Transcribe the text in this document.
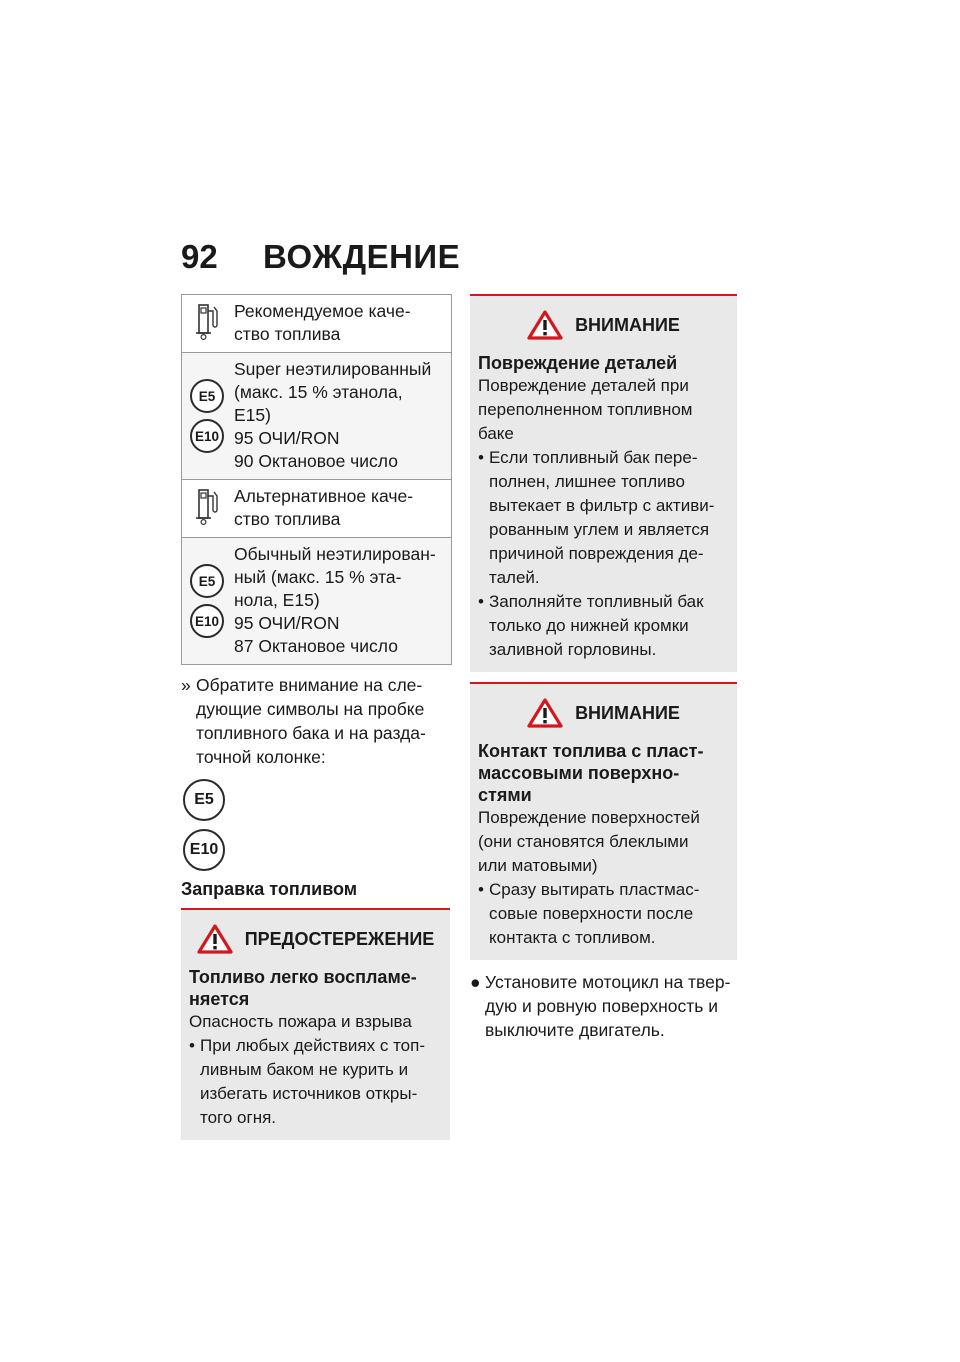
92	ВОЖДЕНИЕ
Рекомендуемое каче-
ство топлива
E5
E10
Super неэтилированный
(макс. 15 % этанола,
E15)
95 ОЧИ/RON
90 Октановое число
Альтернативное каче-
ство топлива
E5
E10
Обычный неэтилирован-
ный (макс. 15 % эта-
нола, E15)
95 ОЧИ/RON
87 Октановое число
» Обратите внимание на сле-
дующие символы на пробке
топливного бака и на разда-
точной колонке:
E5
E10
Заправка топливом
ПРЕДОСТЕРЕЖЕНИЕ
Топливо легко воспламе-
няется
Опасность пожара и взрыва
• При любых действиях с топ-
ливным баком не курить и
избегать источников откры-
того огня.
ВНИМАНИЕ
Повреждение деталей
Повреждение деталей при
переполненном топливном
баке
• Если топливный бак пере-
полнен, лишнее топливо
вытекает в фильтр с активи-
рованным углем и является
причиной повреждения де-
талей.
• Заполняйте топливный бак
только до нижней кромки
заливной горловины.
ВНИМАНИЕ
Контакт топлива с пласт-
массовыми поверхно-
стями
Повреждение поверхностей
(они становятся блеклыми
или матовыми)
• Сразу вытирать пластмас-
совые поверхности после
контакта с топливом.
● Установите мотоцикл на твер-
дую и ровную поверхность и
выключите двигатель.
